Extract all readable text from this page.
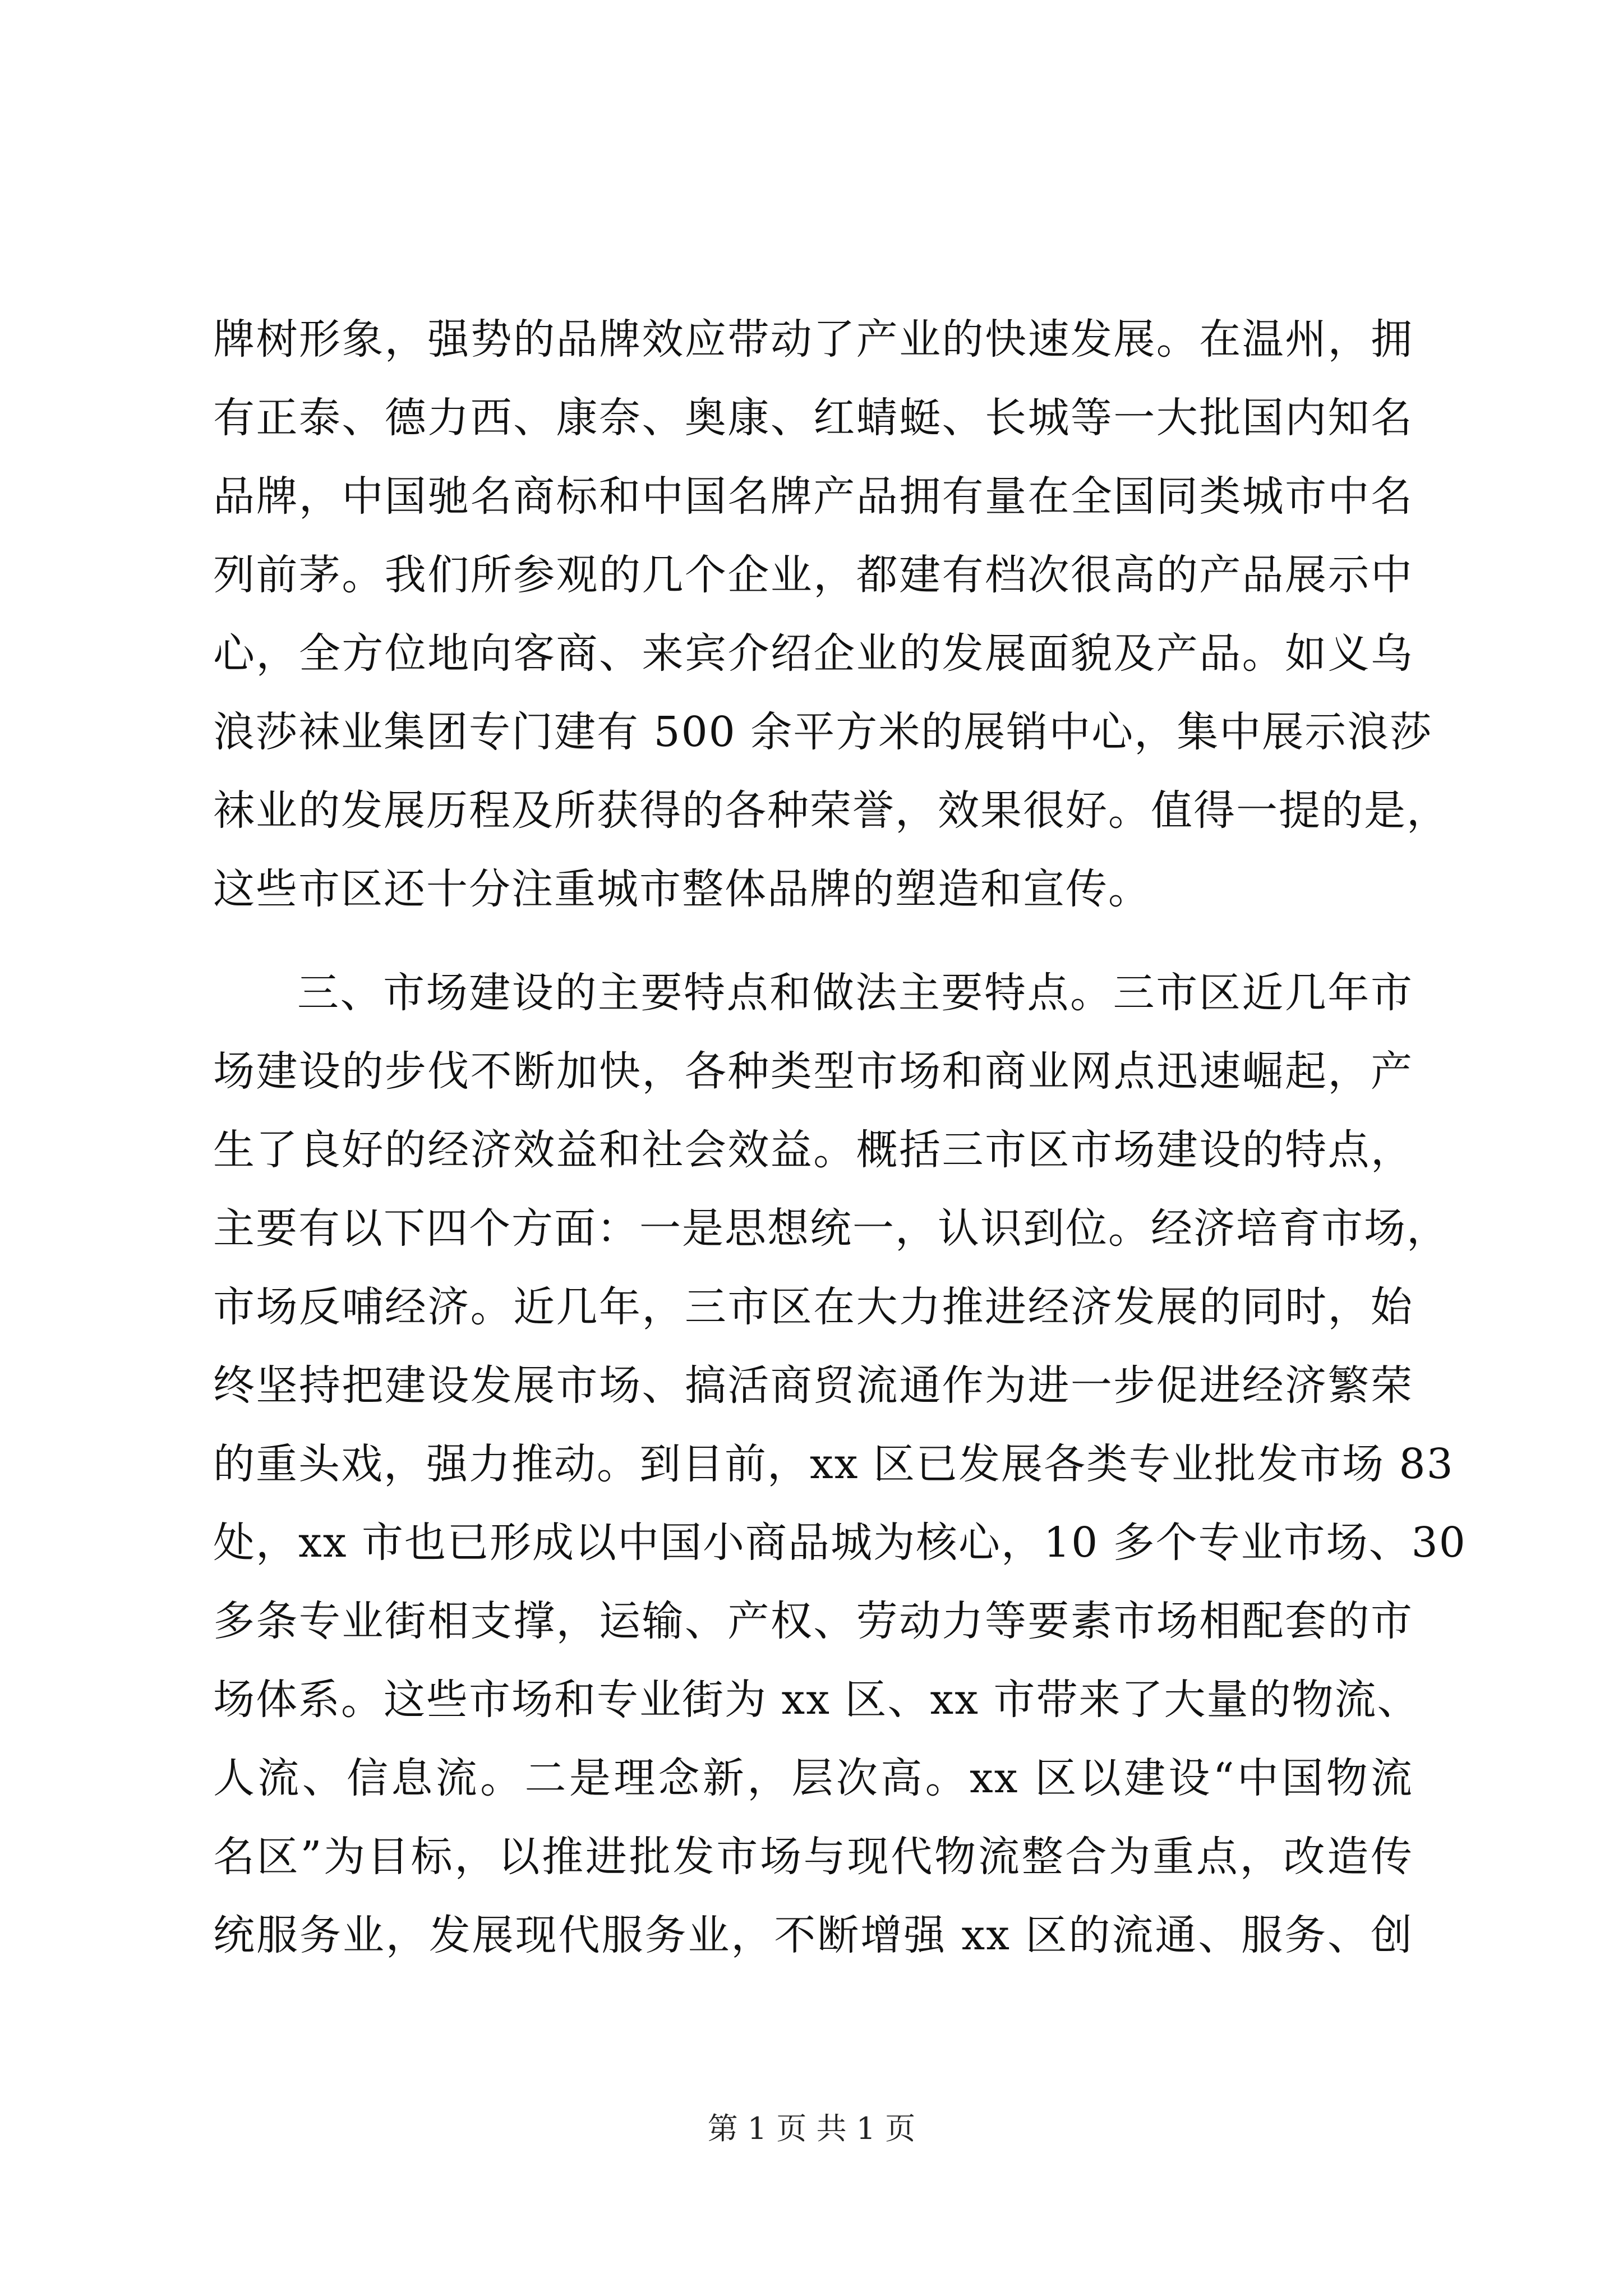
牌树形象，强势的品牌效应带动了产业的快速发展。在温州，拥
有正泰、德力西、康奈、奥康、红蜻蜓、长城等一大批国内知名
品牌，中国驰名商标和中国名牌产品拥有量在全国同类城市中名
列前茅。我们所参观的几个企业，都建有档次很高的产品展示中
心，全方位地向客商、来宾介绍企业的发展面貌及产品。如义乌
浪莎袜业集团专门建有 500 余平方米的展销中心，集中展示浪莎
袜业的发展历程及所获得的各种荣誉，效果很好。值得一提的是，
这些市区还十分注重城市整体品牌的塑造和宣传。
三、市场建设的主要特点和做法主要特点。三市区近几年市
场建设的步伐不断加快，各种类型市场和商业网点迅速崛起，产
生了良好的经济效益和社会效益。概括三市区市场建设的特点，
主要有以下四个方面：一是思想统一，认识到位。经济培育市场，
市场反哺经济。近几年，三市区在大力推进经济发展的同时，始
终坚持把建设发展市场、搞活商贸流通作为进一步促进经济繁荣
的重头戏，强力推动。到目前，xx 区已发展各类专业批发市场 83
处，xx 市也已形成以中国小商品城为核心，10 多个专业市场、30
多条专业街相支撑，运输、产权、劳动力等要素市场相配套的市
场体系。这些市场和专业街为 xx 区、xx 市带来了大量的物流、
人流、信息流。二是理念新，层次高。xx 区以建设“中国物流
名区”为目标，以推进批发市场与现代物流整合为重点，改造传
统服务业，发展现代服务业，不断增强 xx 区的流通、服务、创
第 1 页 共 1 页
